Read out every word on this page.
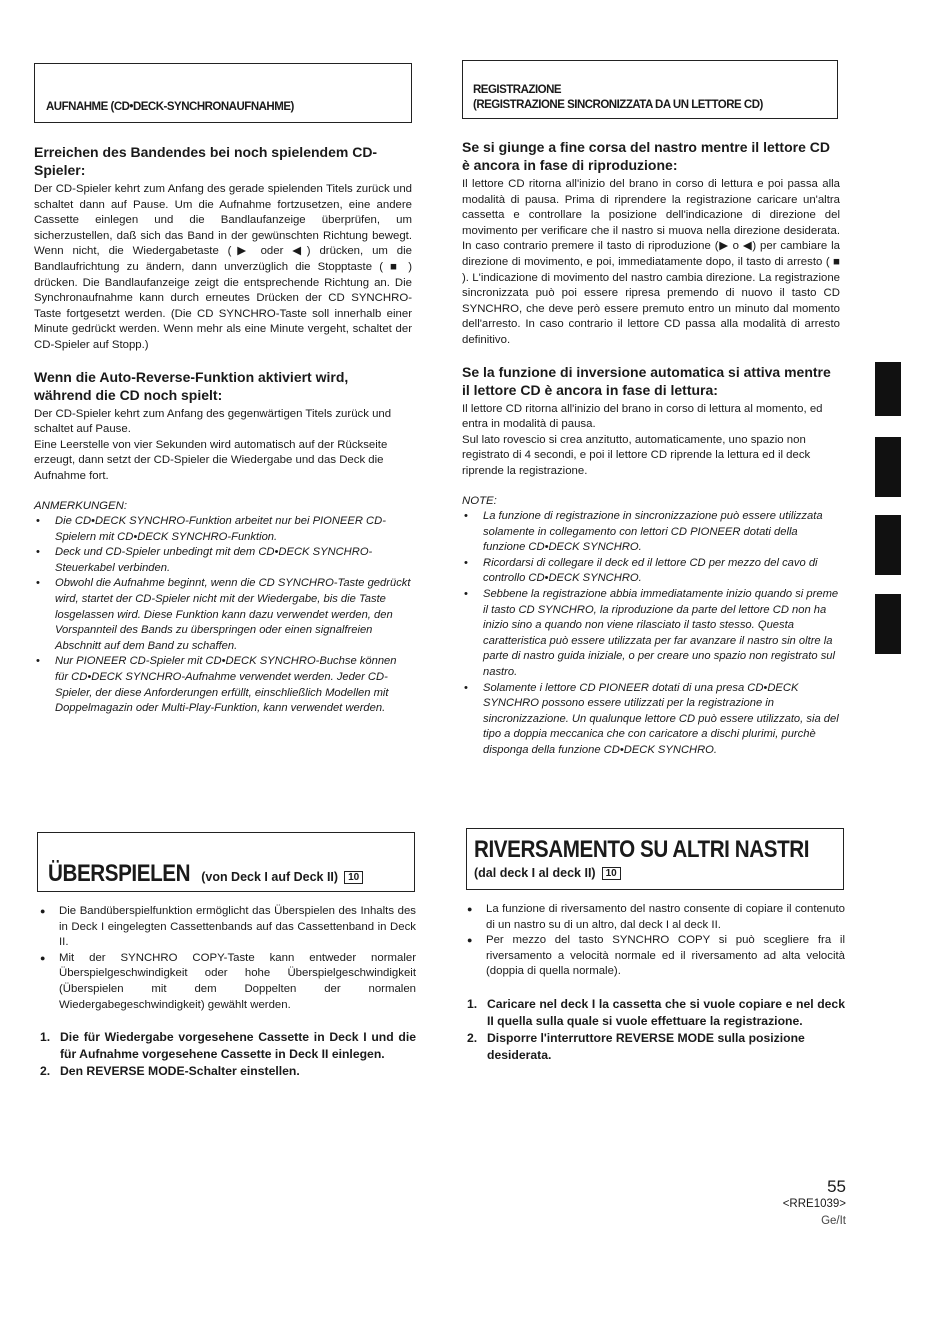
AUFNAHME (CD•DECK-SYNCHRONAUFNAHME)
REGISTRAZIONE
(REGISTRAZIONE SINCRONIZZATA DA UN LETTORE CD)

Erreichen des Bandendes bei noch spielendem CD-Spieler:

Der CD-Spieler kehrt zum Anfang des gerade spielenden Titels zurück und schaltet dann auf Pause. Um die Aufnahme fortzusetzen, eine andere Cassette einlegen und die Bandlaufanzeige überprüfen, um sicherzustellen, daß sich das Band in der gewünschten Richtung bewegt. Wenn nicht, die Wiedergabetaste (▶ oder ◀) drücken, um die Bandlaufrichtung zu ändern, dann unverzüglich die Stopptaste ( ■ ) drücken. Die Bandlaufanzeige zeigt die entsprechende Richtung an. Die Synchronaufnahme kann durch erneutes Drücken der CD SYNCHRO-Taste fortgesetzt werden. (Die CD SYNCHRO-Taste soll innerhalb einer Minute gedrückt werden. Wenn mehr als eine Minute vergeht, schaltet der CD-Spieler auf Stopp.)

Wenn die Auto-Reverse-Funktion aktiviert wird, während die CD noch spielt:

Der CD-Spieler kehrt zum Anfang des gegenwärtigen Titels zurück und schaltet auf Pause.

Eine Leerstelle von vier Sekunden wird automatisch auf der Rückseite erzeugt, dann setzt der CD-Spieler die Wiedergabe und das Deck die Aufnahme fort.

ANMERKUNGEN:

• Die CD•DECK SYNCHRO-Funktion arbeitet nur bei PIONEER CD-Spielern mit CD•DECK SYNCHRO-Funktion.
• Deck und CD-Spieler unbedingt mit dem CD•DECK SYNCHRO-Steuerkabel verbinden.
• Obwohl die Aufnahme beginnt, wenn die CD SYNCHRO-Taste gedrückt wird, startet der CD-Spieler nicht mit der Wiedergabe, bis die Taste losgelassen wird. Diese Funktion kann dazu verwendet werden, den Vorspannteil des Bands zu überspringen oder einen signalfreien Abschnitt auf dem Band zu schaffen.
• Nur PIONEER CD-Spieler mit CD•DECK SYNCHRO-Buchse können für CD•DECK SYNCHRO-Aufnahme verwendet werden. Jeder CD-Spieler, der diese Anforderungen erfüllt, einschließlich Modellen mit Doppelmagazin oder Multi-Play-Funktion, kann verwendet werden.

Se si giunge a fine corsa del nastro mentre il lettore CD è ancora in fase di riproduzione:

Il lettore CD ritorna all'inizio del brano in corso di lettura e poi passa alla modalità di pausa. Prima di riprendere la registrazione caricare un'altra cassetta e controllare la posizione dell'indicazione di direzione del movimento per verificare che il nastro si muova nella direzione desiderata. In caso contrario premere il tasto di riproduzione (▶ o ◀) per cambiare la direzione di movimento, e poi, immediatamente dopo, il tasto di arresto ( ■ ). L'indicazione di movimento del nastro cambia direzione. La registrazione sincronizzata può poi essere ripresa premendo di nuovo il tasto CD SYNCHRO, che deve però essere premuto entro un minuto dal momento dell'arresto. In caso contrario il lettore CD passa alla modalità di arresto definitivo.

Se la funzione di inversione automatica si attiva mentre il lettore CD è ancora in fase di lettura:

Il lettore CD ritorna all'inizio del brano in corso di lettura al momento, ed entra in modalità di pausa.

Sul lato rovescio si crea anzitutto, automaticamente, uno spazio non registrato di 4 secondi, e poi il lettore CD riprende la lettura ed il deck riprende la registrazione.

NOTE:

• La funzione di registrazione in sincronizzazione può essere utilizzata solamente in collegamento con lettori CD PIONEER dotati della funzione CD•DECK SYNCHRO.
• Ricordarsi di collegare il deck ed il lettore CD per mezzo del cavo di controllo CD•DECK SYNCHRO.
• Sebbene la registrazione abbia immediatamente inizio quando si preme il tasto CD SYNCHRO, la riproduzione da parte del lettore CD non ha inizio sino a quando non viene rilasciato il tasto stesso. Questa caratteristica può essere utilizzata per far avanzare il nastro sin oltre la parte di nastro guida iniziale, o per creare uno spazio non registrato sul nastro.
• Solamente i lettore CD PIONEER dotati di una presa CD•DECK SYNCHRO possono essere utilizzati per la registrazione in sincronizzazione. Un qualunque lettore CD può essere utilizzato, sia del tipo a doppia meccanica che con caricatore a dischi plurimi, purchè disponga della funzione CD•DECK SYNCHRO.
ÜBERSPIELEN (von Deck I auf Deck II) 10
RIVERSAMENTO SU ALTRI NASTRI
(dal deck I al deck II) 10
● Die Bandüberspielfunktion ermöglicht das Überspielen des Inhalts des in Deck I eingelegten Cassettenbands auf das Cassettenband in Deck II.
● Mit der SYNCHRO COPY-Taste kann entweder normaler Überspielgeschwindigkeit oder hohe Überspielgeschwindigkeit (Überspielen mit dem Doppelten der normalen Wiedergabegeschwindigkeit) gewählt werden.
1. Die für Wiedergabe vorgesehene Cassette in Deck I und die für Aufnahme vorgesehene Cassette in Deck II einlegen.
2. Den REVERSE MODE-Schalter einstellen.
● La funzione di riversamento del nastro consente di copiare il contenuto di un nastro su di un altro, dal deck I al deck II.
● Per mezzo del tasto SYNCHRO COPY si può scegliere fra il riversamento a velocità normale ed il riversamento ad alta velocità (doppia di quella normale).
1. Caricare nel deck I la cassetta che si vuole copiare e nel deck II quella sulla quale si vuole effettuare la registrazione.
2. Disporre l'interruttore REVERSE MODE sulla posizione desiderata.
55
<RRE1039>
Ge/It
